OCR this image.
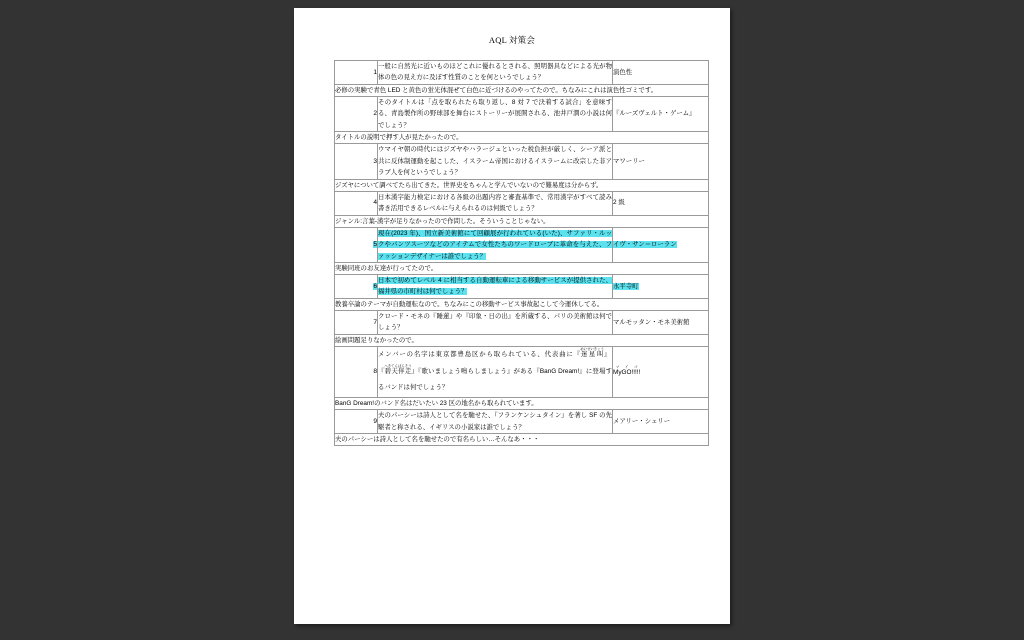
AQL 対策会
1	一般に自然光に近いものほどこれに優れるとされる、照明器具などによる光が物体の色の見え方に及ぼす性質のことを何というでしょう？	演色性
必修の実験で青色 LED と黄色の蛍光体混ぜて白色に近づけるのやってたので。ちなみにこれは演色性ゴミです。		
2	そのタイトルは「点を取られたら取り返し、8 対 7 で決着する試合」を意味する、青島製作所の野球部を舞台にストーリーが展開される、池井戸潤の小説は何でしょう？	『ルーズヴェルト・ゲーム』
タイトルの説明で押す人が見たかったので。		
3	ウマイヤ朝の時代にはジズヤやハラージュといった税負担が厳しく、シーア派と共に反体制運動を起こした、イスラーム帝国におけるイスラームに改宗した非アラブ人を何というでしょう？	マワーリー
ジズヤについて調べてたら出てきた。世界史をちゃんと学んでいないので難易度は分からず。		
4	日本漢字能力検定における各級の出題内容と審査基準で、常用漢字がすべて読み書き活用できるレベルに与えられるのは何級でしょう？	2 級
ジャンル:言葉-漢字が足りなかったので作問した。そういうことじゃない。		
5	現在(2023 年)、国立新美術館にて回顧展が行われている(いた)、サファリ・ルックやパンツスーツなどのアイテムで女性たちのワードローブに革命を与えた、ファッションデザイナーは誰でしょう？	イヴ・サン＝ローラン
実験同班のお友達が行ってたので。		
6	日本で初めてレベル 4 に相当する自動運転車による移動サービスが提供された、福井県の市町村は何でしょう？	永平寺町
教養卒論のテーマが自動運転なので。ちなみにこの移動サービス事故起こして今運休してる。		
7	クロード・モネの『睡蓮』や『印象・日の出』を所蔵する、パリの美術館は何でしょう？	マルモッタン・モネ美術館
絵画問題足りなかったので。		
8	メンバーの名字は東京都豊島区から取られている、代表曲に『迷星叫めいせいきょう』『碧天伴走へきてんばんそう』『歌いましょう鳴らしましょう』がある『BanG Dream!』に登場するバンドは何でしょう？	MyGO!!!!!マイゴ
BanG Dream!のバンド名はだいたい 23 区の地名から取られています。		
9	夫のパーシーは詩人として名を馳せた、『フランケンシュタイン』を著し SF の先駆者と称される、イギリスの小説家は誰でしょう？	メアリー・シェリー
夫のパーシーは詩人として名を馳せたので有名らしい…そんなあ・・・		
